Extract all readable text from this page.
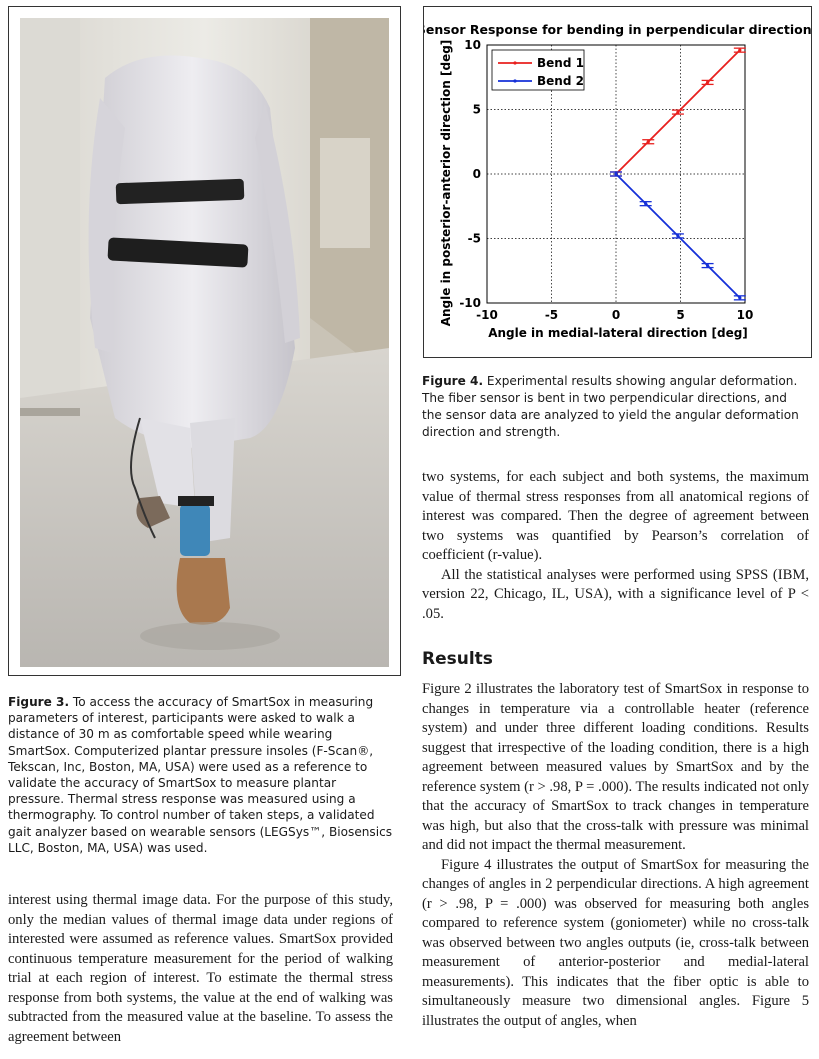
Figure 3. To access the accuracy of SmartSox in measuring parameters of interest, participants were asked to walk a distance of 30 m as comfortable speed while wearing SmartSox. Computerized plantar pressure insoles (F-Scan®, Tekscan, Inc, Boston, MA, USA) were used as a reference to validate the accuracy of SmartSox to measure plantar pressure. Thermal stress response was measured using a thermography. To control number of taken steps, a validated gait analyzer based on wearable sensors (LEGSys™, Biosensics LLC, Boston, MA, USA) was used.
Sensor Response for bending in perpendicular directions
Angle in posterior-anterior direction [deg]
Angle in medial-lateral direction [deg]
-10	-5	0	5	10
-10
-5
0
5
10
Bend 1
Bend 2
Figure 4. Experimental results showing angular deformation. The fiber sensor is bent in two perpendicular directions, and the sensor data are analyzed to yield the angular deformation direction and strength.

two systems, for each subject and both systems, the maximum value of thermal stress responses from all anatomical regions of interest was compared. Then the degree of agreement between two systems was quantified by Pearson’s correlation of coefficient (r-value).

All the statistical analyses were performed using SPSS (IBM, version 22, Chicago, IL, USA), with a significance level of P < .05.

Results

Figure 2 illustrates the laboratory test of SmartSox in response to changes in temperature via a controllable heater (reference system) and under three different loading conditions. Results suggest that irrespective of the loading condition, there is a high agreement between measured values by SmartSox and by the reference system (r > .98, P = .000). The results indicated not only that the accuracy of SmartSox to track changes in temperature was high, but also that the cross-talk with pressure was minimal and did not impact the thermal measurement.

Figure 4 illustrates the output of SmartSox for measuring the changes of angles in 2 perpendicular directions. A high agreement (r > .98, P = .000) was observed for measuring both angles compared to reference system (goniometer) while no cross-talk was observed between two angles outputs (ie, cross-talk between measurement of anterior-posterior and medial-lateral measurements). This indicates that the fiber optic is able to simultaneously measure two dimensional angles. Figure 5 illustrates the output of angles, when

interest using thermal image data. For the purpose of this study, only the median values of thermal image data under regions of interested were assumed as reference values. SmartSox provided continuous temperature measurement for the period of walking trial at each region of interest. To estimate the thermal stress response from both systems, the value at the end of walking was subtracted from the measured value at the baseline. To assess the agreement between
